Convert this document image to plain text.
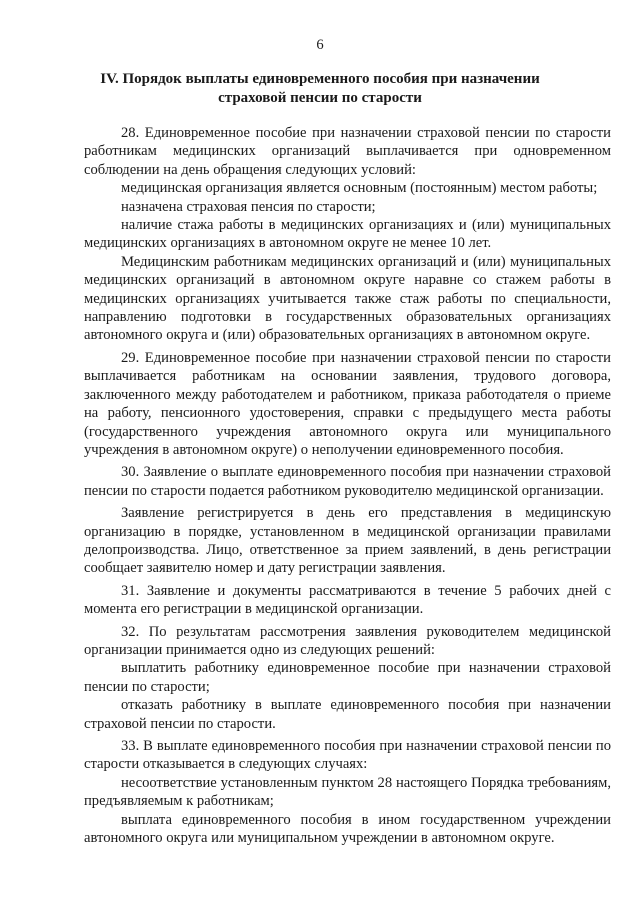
6
IV. Порядок выплаты единовременного пособия при назначении
страховой пенсии по старости

28. Единовременное пособие при назначении страховой пенсии по старости работникам медицинских организаций выплачивается при одновременном соблюдении на день обращения следующих условий:

медицинская организация является основным (постоянным) местом работы;

назначена страховая пенсия по старости;

наличие стажа работы в медицинских организациях и (или) муниципальных медицинских организациях в автономном округе не менее 10 лет.

Медицинским работникам медицинских организаций и (или) муниципальных медицинских организаций в автономном округе наравне со стажем работы в медицинских организациях учитывается также стаж работы по специальности, направлению подготовки в государственных образовательных организациях автономного округа и (или) образовательных организациях в автономном округе.

29. Единовременное пособие при назначении страховой пенсии по старости выплачивается работникам на основании заявления, трудового договора, заключенного между работодателем и работником, приказа работодателя о приеме на работу, пенсионного удостоверения, справки с предыдущего места работы (государственного учреждения автономного округа или муниципального учреждения в автономном округе) о неполучении единовременного пособия.

30. Заявление о выплате единовременного пособия при назначении страховой пенсии по старости подается работником руководителю медицинской организации.

Заявление регистрируется в день его представления в медицинскую организацию в порядке, установленном в медицинской организации правилами делопроизводства. Лицо, ответственное за прием заявлений, в день регистрации сообщает заявителю номер и дату регистрации заявления.

31. Заявление и документы рассматриваются в течение 5 рабочих дней с момента его регистрации в медицинской организации.

32. По результатам рассмотрения заявления руководителем медицинской организации принимается одно из следующих решений:

выплатить работнику единовременное пособие при назначении страховой пенсии по старости;

отказать работнику в выплате единовременного пособия при назначении страховой пенсии по старости.

33. В выплате единовременного пособия при назначении страховой пенсии по старости отказывается в следующих случаях:

несоответствие установленным пунктом 28 настоящего Порядка требованиям, предъявляемым к работникам;

выплата единовременного пособия в ином государственном учреждении автономного округа или муниципальном учреждении в автономном округе.
